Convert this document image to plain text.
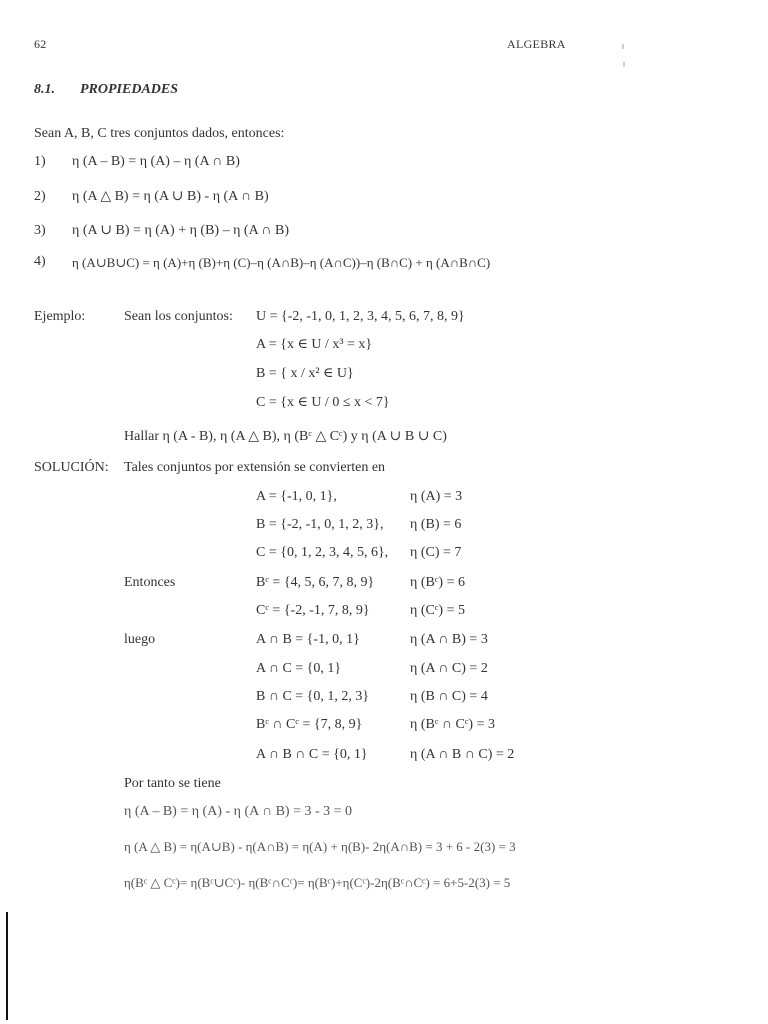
62	ALGEBRA
8.1. PROPIEDADES
Sean A, B, C tres conjuntos dados, entonces:
1) η (A – B) = η (A) – η (A ∩ B)
2) η (A △ B) = η (A ∪ B) - η (A ∩ B)
3) η (A ∪ B) = η (A) + η (B) – η (A ∩ B)
4) η (A∪B∪C) = η (A)+η (B)+η (C)–η (A∩B)–η (A∩C))–η (B∩C) + η (A∩B∩C)
Ejemplo:	Sean los conjuntos: U = {-2, -1, 0, 1, 2, 3, 4, 5, 6, 7, 8, 9}
A = {x ∈ U / x³ = x}
B = { x / x² ∈ U}
C = {x ∈ U / 0 ≤ x < 7}
Hallar η (A - B), η (A △ B), η (Bᶜ △ Cᶜ) y η (A ∪ B ∪ C)
SOLUCIÓN: Tales conjuntos por extensión se convierten en
A = {-1, 0, 1},	η (A) = 3
B = {-2, -1, 0, 1, 2, 3}, η (B) = 6
C = {0, 1, 2, 3, 4, 5, 6}, η (C) = 7
Entonces	Bᶜ = {4, 5, 6, 7, 8, 9}	η (Bᶜ) = 6
Cᶜ = {-2, -1, 7, 8, 9}	η (Cᶜ) = 5
luego	A ∩ B = {-1, 0, 1}	η (A ∩ B) = 3
A ∩ C = {0, 1}	η (A ∩ C) = 2
B ∩ C = {0, 1, 2, 3}	η (B ∩ C) = 4
Bᶜ ∩ Cᶜ = {7, 8, 9}	η (Bᶜ ∩ Cᶜ) = 3
A ∩ B ∩ C = {0, 1}	η (A ∩ B ∩ C) = 2
Por tanto se tiene
η (A – B) = η (A) - η (A ∩ B) = 3 - 3 = 0
η (A △ B) = η(A∪B) - η(A∩B) = η(A) + η(B)- 2η(A∩B) = 3 + 6 - 2(3) = 3
η(Bᶜ △ Cᶜ)= η(Bᶜ∪Cᶜ)- η(Bᶜ∩Cᶜ)= η(Bᶜ)+η(Cᶜ)-2η(Bᶜ∩Cᶜ) = 6+5-2(3) = 5
